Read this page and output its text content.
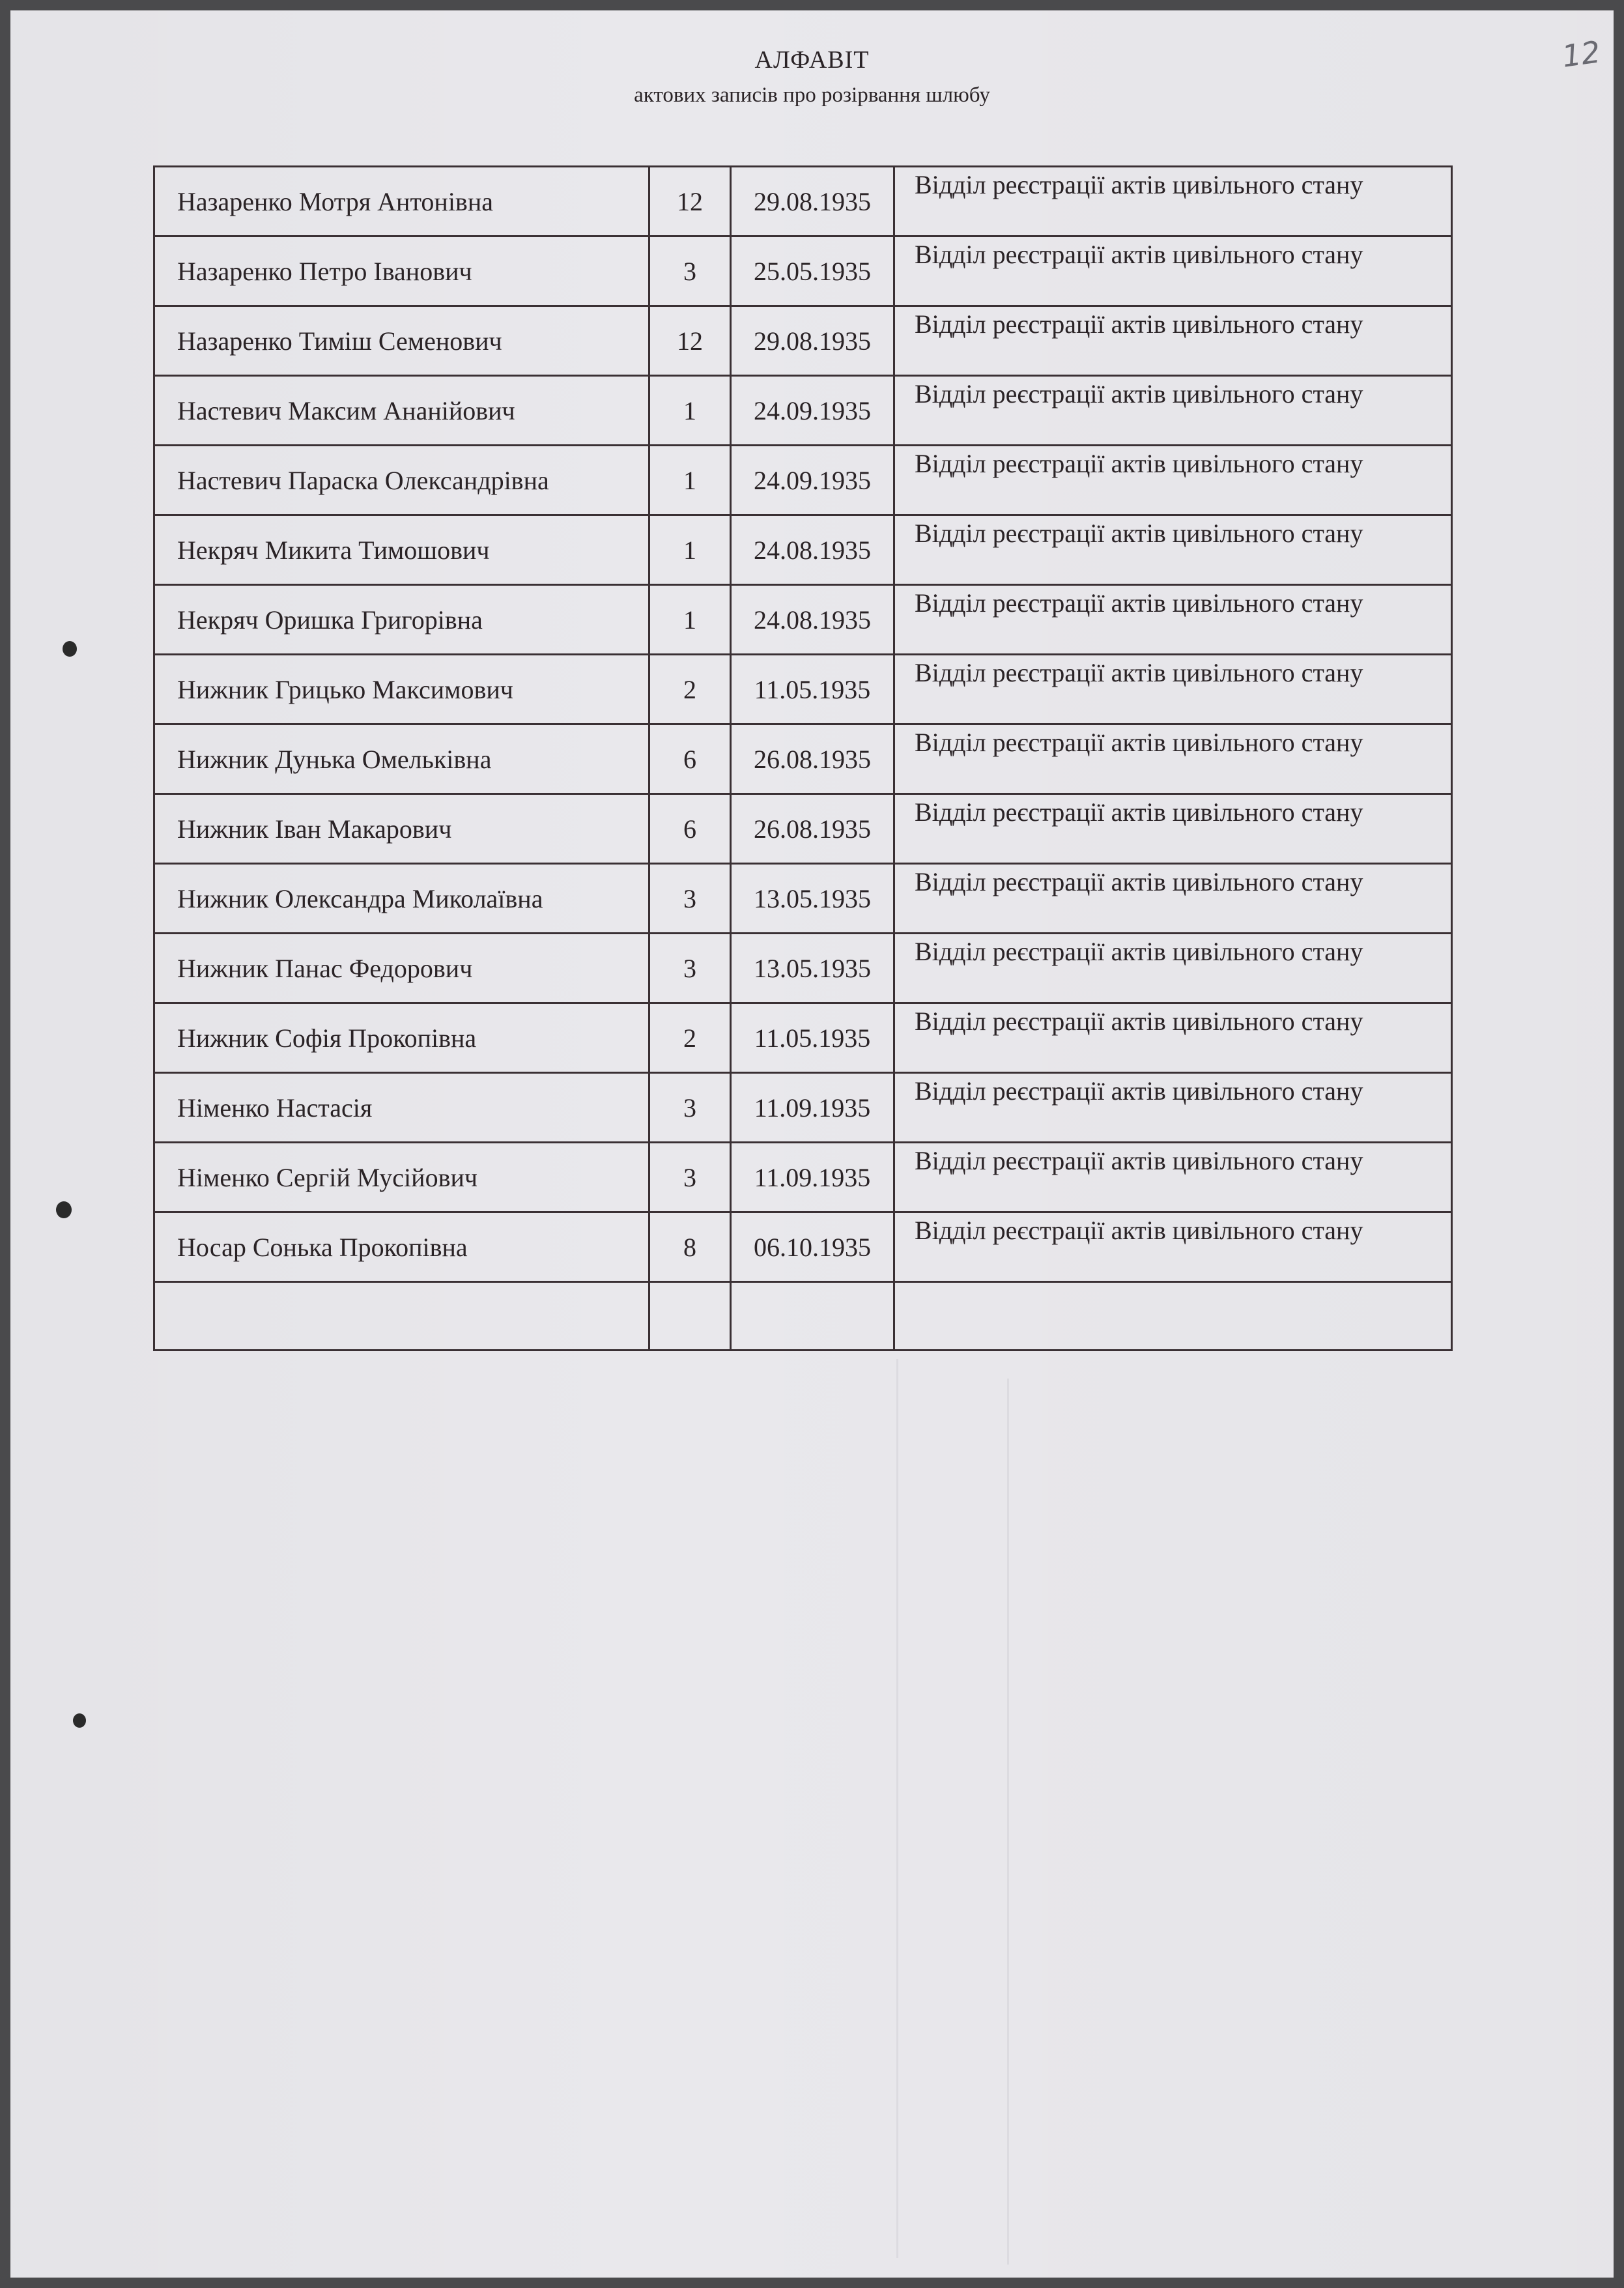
АЛФАВІТ
актових записів про розірвання шлюбу
12
Назаренко Мотря Антонівна	12	29.08.1935	Відділ реєстрації актів цивільного стану
Назаренко Петро Іванович	3	25.05.1935	Відділ реєстрації актів цивільного стану
Назаренко Тиміш Семенович	12	29.08.1935	Відділ реєстрації актів цивільного стану
Настевич Максим Ананійович	1	24.09.1935	Відділ реєстрації актів цивільного стану
Настевич Параска Олександрівна	1	24.09.1935	Відділ реєстрації актів цивільного стану
Некряч Микита Тимошович	1	24.08.1935	Відділ реєстрації актів цивільного стану
Некряч Оришка Григорівна	1	24.08.1935	Відділ реєстрації актів цивільного стану
Нижник Грицько Максимович	2	11.05.1935	Відділ реєстрації актів цивільного стану
Нижник Дунька Омельківна	6	26.08.1935	Відділ реєстрації актів цивільного стану
Нижник Іван Макарович	6	26.08.1935	Відділ реєстрації актів цивільного стану
Нижник Олександра Миколаївна	3	13.05.1935	Відділ реєстрації актів цивільного стану
Нижник Панас Федорович	3	13.05.1935	Відділ реєстрації актів цивільного стану
Нижник Софія Прокопівна	2	11.05.1935	Відділ реєстрації актів цивільного стану
Німенко Настасія	3	11.09.1935	Відділ реєстрації актів цивільного стану
Німенко Сергій Мусійович	3	11.09.1935	Відділ реєстрації актів цивільного стану
Носар Сонька Прокопівна	8	06.10.1935	Відділ реєстрації актів цивільного стану
